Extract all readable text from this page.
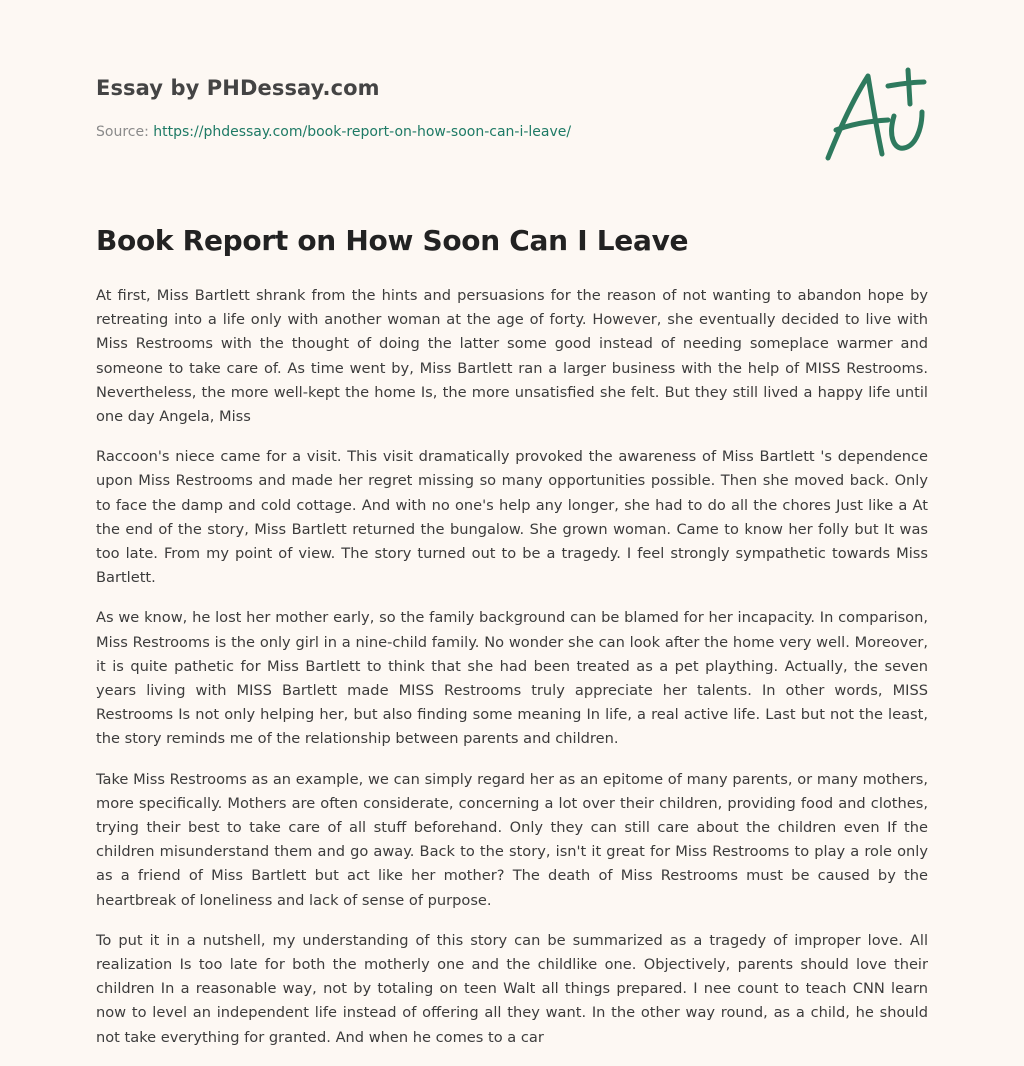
Essay by PHDessay.com
Source: https://phdessay.com/book-report-on-how-soon-can-i-leave/
Book Report on How Soon Can I Leave

At first, Miss Bartlett shrank from the hints and persuasions for the reason of not wanting to abandon hope by retreating into a life only with another woman at the age of forty. However, she eventually decided to live with Miss Restrooms with the thought of doing the latter some good instead of needing someplace warmer and someone to take care of. As time went by, Miss Bartlett ran a larger business with the help of MISS Restrooms. Nevertheless, the more well-kept the home Is, the more unsatisfied she felt. But they still lived a happy life until one day Angela, Miss

Raccoon's niece came for a visit. This visit dramatically provoked the awareness of Miss Bartlett 's dependence upon Miss Restrooms and made her regret missing so many opportunities possible. Then she moved back. Only to face the damp and cold cottage. And with no one's help any longer, she had to do all the chores Just like a At the end of the story, Miss Bartlett returned the bungalow. She grown woman. Came to know her folly but It was too late. From my point of view. The story turned out to be a tragedy. I feel strongly sympathetic towards Miss Bartlett.

As we know, he lost her mother early, so the family background can be blamed for her incapacity. In comparison, Miss Restrooms is the only girl in a nine-child family. No wonder she can look after the home very well. Moreover, it is quite pathetic for Miss Bartlett to think that she had been treated as a pet plaything. Actually, the seven years living with MISS Bartlett made MISS Restrooms truly appreciate her talents. In other words, MISS Restrooms Is not only helping her, but also finding some meaning In life, a real active life. Last but not the least, the story reminds me of the relationship between parents and children.

Take Miss Restrooms as an example, we can simply regard her as an epitome of many parents, or many mothers, more specifically. Mothers are often considerate, concerning a lot over their children, providing food and clothes, trying their best to take care of all stuff beforehand. Only they can still care about the children even If the children misunderstand them and go away. Back to the story, isn't it great for Miss Restrooms to play a role only as a friend of Miss Bartlett but act like her mother? The death of Miss Restrooms must be caused by the heartbreak of loneliness and lack of sense of purpose.

To put it in a nutshell, my understanding of this story can be summarized as a tragedy of improper love. All realization Is too late for both the motherly one and the childlike one. Objectively, parents should love their children In a reasonable way, not by totaling on teen Walt all things prepared. I nee count to teach CNN learn now to level an independent life instead of offering all they want. In the other way round, as a child, he should not take everything for granted. And when he comes to a car
